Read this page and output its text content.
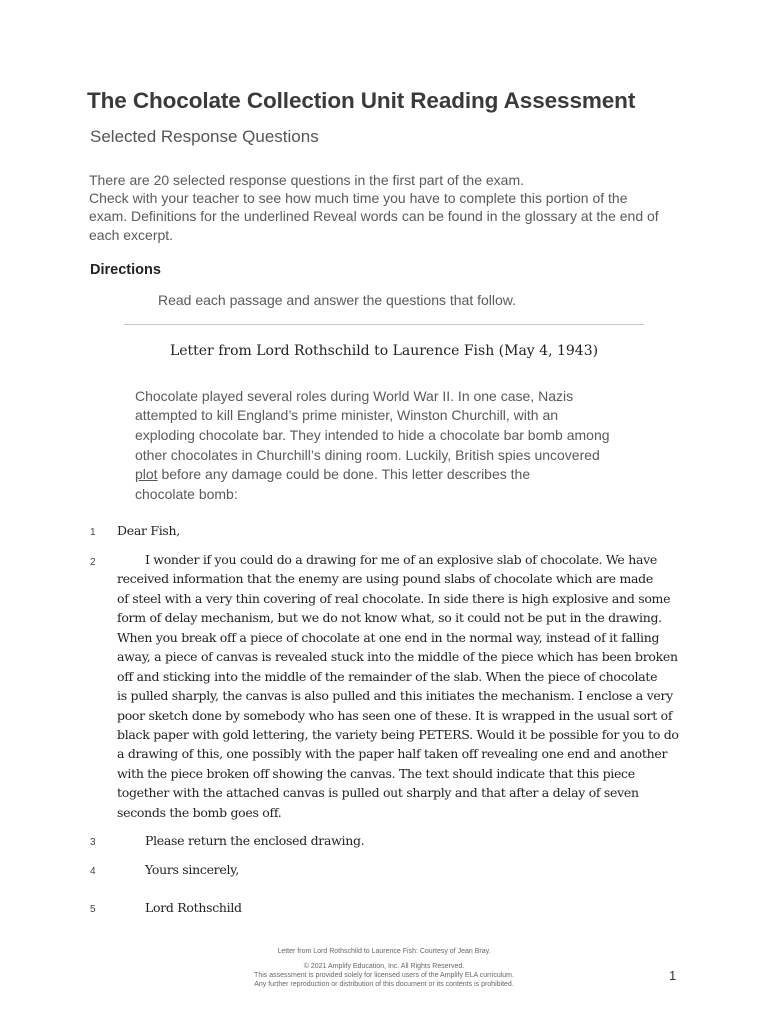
The Chocolate Collection Unit Reading Assessment
Selected Response Questions
There are 20 selected response questions in the first part of the exam.
Check with your teacher to see how much time you have to complete this portion of the
exam. Definitions for the underlined Reveal words can be found in the glossary at the end of
each excerpt.
Directions
Read each passage and answer the questions that follow.
Letter from Lord Rothschild to Laurence Fish (May 4, 1943)
Chocolate played several roles during World War II. In one case, Nazis
attempted to kill England’s prime minister, Winston Churchill, with an
exploding chocolate bar. They intended to hide a chocolate bar bomb among
other chocolates in Churchill’s dining room. Luckily, British spies uncovered
plot before any damage could be done. This letter describes the
chocolate bomb:
1 Dear Fish,
2	I wonder if you could do a drawing for me of an explosive slab of chocolate. We have
received information that the enemy are using pound slabs of chocolate which are made
of steel with a very thin covering of real chocolate. In side there is high explosive and some
form of delay mechanism, but we do not know what, so it could not be put in the drawing.
When you break off a piece of chocolate at one end in the normal way, instead of it falling
away, a piece of canvas is revealed stuck into the middle of the piece which has been broken
off and sticking into the middle of the remainder of the slab. When the piece of chocolate
is pulled sharply, the canvas is also pulled and this initiates the mechanism. I enclose a very
poor sketch done by somebody who has seen one of these. It is wrapped in the usual sort of
black paper with gold lettering, the variety being PETERS. Would it be possible for you to do
a drawing of this, one possibly with the paper half taken off revealing one end and another
with the piece broken off showing the canvas. The text should indicate that this piece
together with the attached canvas is pulled out sharply and that after a delay of seven
seconds the bomb goes off.
3	Please return the enclosed drawing.
4	Yours sincerely,
5	Lord Rothschild
Letter from Lord Rothschild to Laurence Fish: Courtesy of Jean Bray.
© 2021 Amplify Education, Inc. All Rights Reserved.
This assessment is provided solely for licensed users of the Amplify ELA curriculum.
Any further reproduction or distribution of this document or its contents is prohibited.
1
